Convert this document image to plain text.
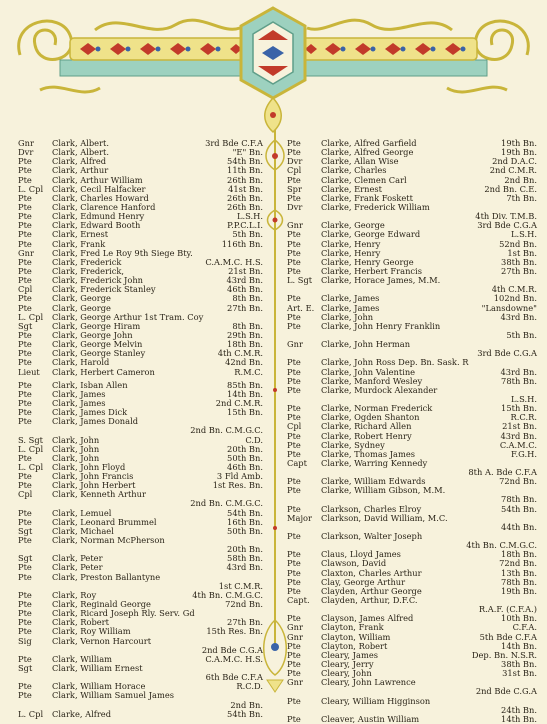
Gnr Clark, Albert.	3rd Bde C.F.A
Dvr Clark, Albert.	"E" Bn.
Pte Clark, Alfred	54th Bn.
Pte Clark, Arthur	11th Bn.
Pte Clark, Arthur William	26th Bn.
L. Cpl Clark, Cecil Halfacker	41st Bn.
Pte Clark, Charles Howard	26th Bn.
Pte Clark, Clarence Hanford	26th Bn.
Pte Clark, Edmund Henry	L.S.H.
Pte Clark, Edward Booth	P.P.C.L.I.
Pte Clark, Ernest	5th Bn.
Pte Clark, Frank	116th Bn.
Gnr Clark, Fred Le Roy 9th Siege Bty.
Pte Clark, Frederick	C.A.M.C. H.S.
Pte Clark, Frederick,	21st Bn.
Pte Clark, Frederick John	43rd Bn.
Cpl Clark, Frederick Stanley	46th Bn.
Pte Clark, George	8th Bn.
Pte Clark, George	27th Bn.
L. Cpl Clark, George Arthur 1st Tram. Coy
Sgt Clark, George Hiram	8th Bn.
Pte Clark, George John	29th Bn.
Pte Clark, George Melvin	18th Bn.
Pte Clark, George Stanley	4th C.M.R.
Pte Clark, Harold	42nd Bn.
Lieut Clark, Herbert Cameron	R.M.C.
Pte Clark, Isban Allen	85th Bn.
Pte Clark, James	14th Bn.
Pte Clark, James	2nd C.M.R.
Pte Clark, James Dick	15th Bn.
Pte Clark, James Donald
2nd Bn. C.M.G.C.
S. Sgt Clark, John	C.D.
L. Cpl Clark, John	20th Bn.
Pte Clark, John	50th Bn.
L. Cpl Clark, John Floyd	46th Bn.
Pte Clark, John Francis	3 Fld Amb.
Pte Clark, John Herbert	1st Res. Bn.
Cpl Clark, Kenneth Arthur
2nd Bn. C.M.G.C.
Pte Clark, Lemuel	54th Bn.
Pte Clark, Leonard Brummel	16th Bn.
Sgt Clark, Michael	50th Bn.
Pte Clark, Norman McPherson
20th Bn.
Sgt Clark, Peter	58th Bn.
Pte Clark, Peter	43rd Bn.
Pte Clark, Preston Ballantyne
1st C.M.R.
Pte Clark, Roy	4th Bn. C.M.G.C.
Pte Clark, Reginald George	72nd Bn.
Pte Clark, Ricard Joseph Rly. Serv. Gd
Pte Clark, Robert	27th Bn.
Pte Clark, Roy William	15th Res. Bn.
Sig Clark, Vernon Harcourt
2nd Bde C.G.A
Pte Clark, William	C.A.M.C. H.S.
Sgt Clark, William Ernest
6th Bde C.F.A
Pte Clark, William Horace	R.C.D.
Pte Clark, William Samuel James
2nd Bn.
L. Cpl Clarke, Alfred	54th Bn.
Pte Clarke, Alfred Garfield	19th Bn.
Pte Clarke, Alfred George	19th Bn.
Dvr Clarke, Allan Wise	2nd D.A.C.
Cpl Clarke, Charles	2nd C.M.R.
Pte Clarke, Clemen Carl	2nd Bn.
Spr Clarke, Ernest	2nd Bn. C.E.
Pte Clarke, Frank Foskett	7th Bn.
Dvr Clarke, Frederick William
4th Div. T.M.B.
Gnr Clarke, George	3rd Bde C.G.A
Pte Clarke, George Edward	L.S.H.
Pte Clarke, Henry	52nd Bn.
Pte Clarke, Henry	1st Bn.
Pte Clarke, Henry George	38th Bn.
Pte Clarke, Herbert Francis	27th Bn.
L. Sgt Clarke, Horace James, M.M.
4th C.M.R.
Pte Clarke, James	102nd Bn.
Art. E. Clarke, James	"Lansdowne"
Pte Clarke, John	43rd Bn.
Pte Clarke, John Henry Franklin
5th Bn.
Gnr Clarke, John Herman
3rd Bde C.G.A
Pte Clarke, John Ross Dep. Bn. Sask. R
Pte Clarke, John Valentine	43rd Bn.
Pte Clarke, Manford Wesley	78th Bn.
Pte Clarke, Murdock Alexander
L.S.H.
Pte Clarke, Norman Frederick	15th Bn.
Pte Clarke, Ogden Shanton	R.C.R.
Cpl Clarke, Richard Allen	21st Bn.
Pte Clarke, Robert Henry	43rd Bn.
Pte Clarke, Sydney	C.A.M.C.
Pte Clarke, Thomas James	F.G.H.
Capt Clarke, Warring Kennedy
8th A. Bde C.F.A
Pte Clarke, William Edwards	72nd Bn.
Pte Clarke, William Gibson, M.M.
78th Bn.
Pte Clarkson, Charles Elroy	54th Bn.
Major Clarkson, David William, M.C.
44th Bn.
Pte Clarkson, Walter Joseph
4th Bn. C.M.G.C.
Pte Claus, Lloyd James	18th Bn.
Pte Clawson, David	72nd Bn.
Pte Claxton, Charles Arthur	13th Bn.
Pte Clay, George Arthur	78th Bn.
Pte Clayden, Arthur George	19th Bn.
Capt. Clayden, Arthur, D.F.C.
R.A.F. (C.F.A.)
Pte Clayson, James Alfred	10th Bn.
Gnr Clayton, Frank	C.F.A.
Gnr Clayton, William	5th Bde C.F.A
Pte Clayton, Robert	14th Bn.
Pte Cleary, James	Dep. Bn. N.S.R.
Pte Cleary, Jerry	38th Bn.
Pte Cleary, John	31st Bn.
Gnr Cleary, John Lawrence
2nd Bde C.G.A
Pte Cleary, William Higginson
24th Bn.
Pte Cleaver, Austin William	14th Bn.
